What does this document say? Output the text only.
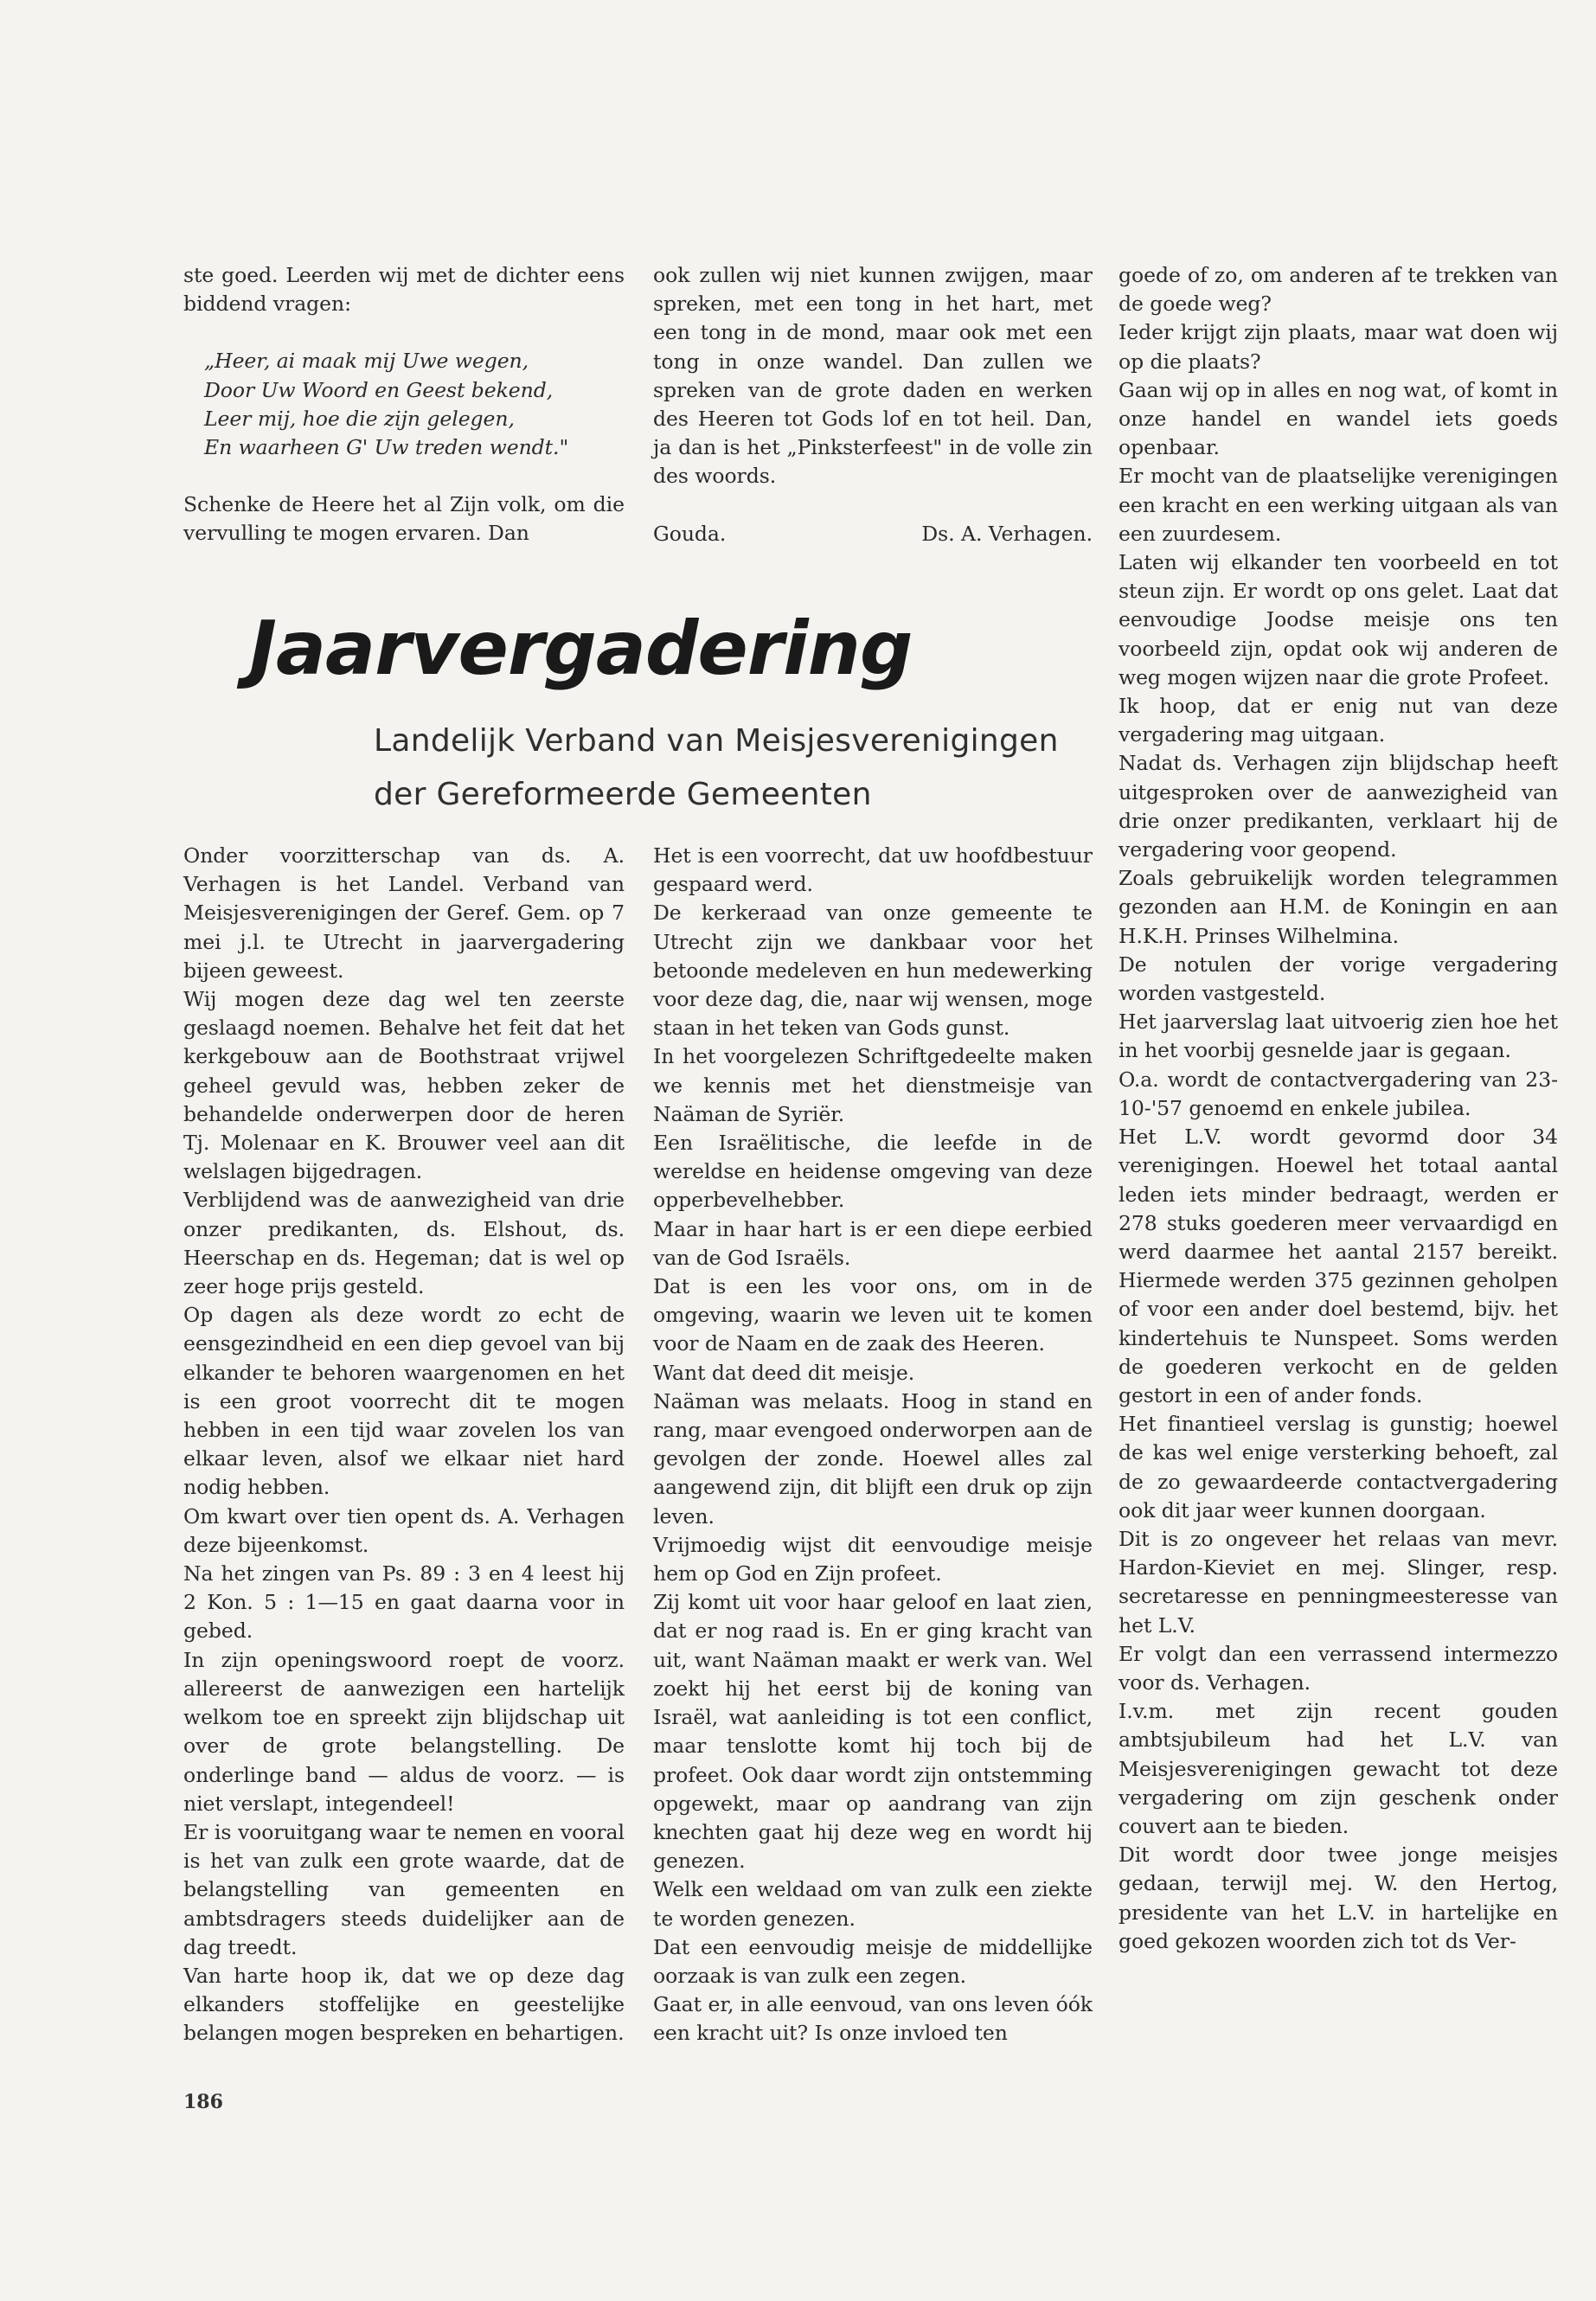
ste goed. Leerden wij met de dichter eens biddend vragen:

„Heer, ai maak mij Uwe wegen,
Door Uw Woord en Geest bekend,
Leer mij, hoe die zijn gelegen,
En waarheen G' Uw treden wendt."

Schenke de Heere het al Zijn volk, om die vervulling te mogen ervaren. Dan

ook zullen wij niet kunnen zwijgen, maar spreken, met een tong in het hart, met een tong in de mond, maar ook met een tong in onze wandel. Dan zullen we spreken van de grote daden en werken des Heeren tot Gods lof en tot heil. Dan, ja dan is het „Pinksterfeest" in de volle zin des woords.

Gouda.	Ds. A. Verhagen.
Jaarvergadering
Landelijk Verband van Meisjesverenigingen
der Gereformeerde Gemeenten

Onder voorzitterschap van ds. A. Verhagen is het Landel. Verband van Meisjesverenigingen der Geref. Gem. op 7 mei j.l. te Utrecht in jaarvergadering bijeen geweest.

Wij mogen deze dag wel ten zeerste geslaagd noemen. Behalve het feit dat het kerkgebouw aan de Boothstraat vrijwel geheel gevuld was, hebben zeker de behandelde onderwerpen door de heren Tj. Molenaar en K. Brouwer veel aan dit welslagen bijgedragen.

Verblijdend was de aanwezigheid van drie onzer predikanten, ds. Elshout, ds. Heerschap en ds. Hegeman; dat is wel op zeer hoge prijs gesteld.

Op dagen als deze wordt zo echt de eensgezindheid en een diep gevoel van bij elkander te behoren waargenomen en het is een groot voorrecht dit te mogen hebben in een tijd waar zovelen los van elkaar leven, alsof we elkaar niet hard nodig hebben.

Om kwart over tien opent ds. A. Verhagen deze bijeenkomst.

Na het zingen van Ps. 89 : 3 en 4 leest hij 2 Kon. 5 : 1—15 en gaat daarna voor in gebed.

In zijn openingswoord roept de voorz. allereerst de aanwezigen een hartelijk welkom toe en spreekt zijn blijdschap uit over de grote belangstelling. De onderlinge band — aldus de voorz. — is niet verslapt, integendeel!

Er is vooruitgang waar te nemen en vooral is het van zulk een grote waarde, dat de belangstelling van gemeenten en ambtsdragers steeds duidelijker aan de dag treedt.

Van harte hoop ik, dat we op deze dag elkanders stoffelijke en geestelijke belangen mogen bespreken en behartigen.

Het is een voorrecht, dat uw hoofdbestuur gespaard werd.

De kerkeraad van onze gemeente te Utrecht zijn we dankbaar voor het betoonde medeleven en hun medewerking voor deze dag, die, naar wij wensen, moge staan in het teken van Gods gunst.

In het voorgelezen Schriftgedeelte maken we kennis met het dienstmeisje van Naäman de Syriër.

Een Israëlitische, die leefde in de wereldse en heidense omgeving van deze opperbevelhebber.

Maar in haar hart is er een diepe eerbied van de God Israëls.

Dat is een les voor ons, om in de omgeving, waarin we leven uit te komen voor de Naam en de zaak des Heeren.

Want dat deed dit meisje.

Naäman was melaats. Hoog in stand en rang, maar evengoed onderworpen aan de gevolgen der zonde. Hoewel alles zal aangewend zijn, dit blijft een druk op zijn leven.

Vrijmoedig wijst dit eenvoudige meisje hem op God en Zijn profeet.

Zij komt uit voor haar geloof en laat zien, dat er nog raad is. En er ging kracht van uit, want Naäman maakt er werk van. Wel zoekt hij het eerst bij de koning van Israël, wat aanleiding is tot een conflict, maar tenslotte komt hij toch bij de profeet. Ook daar wordt zijn ontstemming opgewekt, maar op aandrang van zijn knechten gaat hij deze weg en wordt hij genezen.

Welk een weldaad om van zulk een ziekte te worden genezen.

Dat een eenvoudig meisje de middellijke oorzaak is van zulk een zegen.

Gaat er, in alle eenvoud, van ons leven óók een kracht uit? Is onze invloed ten

goede of zo, om anderen af te trekken van de goede weg?

Ieder krijgt zijn plaats, maar wat doen wij op die plaats?

Gaan wij op in alles en nog wat, of komt in onze handel en wandel iets goeds openbaar.

Er mocht van de plaatselijke verenigingen een kracht en een werking uitgaan als van een zuurdesem.

Laten wij elkander ten voorbeeld en tot steun zijn. Er wordt op ons gelet. Laat dat eenvoudige Joodse meisje ons ten voorbeeld zijn, opdat ook wij anderen de weg mogen wijzen naar die grote Profeet.

Ik hoop, dat er enig nut van deze vergadering mag uitgaan.

Nadat ds. Verhagen zijn blijdschap heeft uitgesproken over de aanwezigheid van drie onzer predikanten, verklaart hij de vergadering voor geopend.

Zoals gebruikelijk worden telegrammen gezonden aan H.M. de Koningin en aan H.K.H. Prinses Wilhelmina.

De notulen der vorige vergadering worden vastgesteld.

Het jaarverslag laat uitvoerig zien hoe het in het voorbij gesnelde jaar is gegaan.

O.a. wordt de contactvergadering van 23-10-'57 genoemd en enkele jubilea.

Het L.V. wordt gevormd door 34 verenigingen. Hoewel het totaal aantal leden iets minder bedraagt, werden er 278 stuks goederen meer vervaardigd en werd daarmee het aantal 2157 bereikt. Hiermede werden 375 gezinnen geholpen of voor een ander doel bestemd, bijv. het kindertehuis te Nunspeet. Soms werden de goederen verkocht en de gelden gestort in een of ander fonds.

Het finantieel verslag is gunstig; hoewel de kas wel enige versterking behoeft, zal de zo gewaardeerde contactvergadering ook dit jaar weer kunnen doorgaan.

Dit is zo ongeveer het relaas van mevr. Hardon-Kieviet en mej. Slinger, resp. secretaresse en penningmeesteresse van het L.V.

Er volgt dan een verrassend intermezzo voor ds. Verhagen.

I.v.m. met zijn recent gouden ambtsjubileum had het L.V. van Meisjesverenigingen gewacht tot deze vergadering om zijn geschenk onder couvert aan te bieden.

Dit wordt door twee jonge meisjes gedaan, terwijl mej. W. den Hertog, presidente van het L.V. in hartelijke en goed gekozen woorden zich tot ds Ver-

186
